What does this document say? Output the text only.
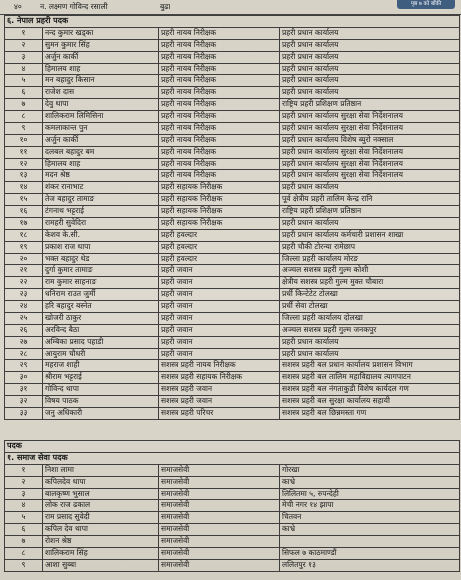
पृष्ठ ७ को बाँकी
४० न. लक्ष्मण गोविन्द रसाली	बुढा
६. नेपाल प्रहरी पदक			
१	नन्द कुमार खड्का	प्रहरी नायब निरीक्षक	प्रहरी प्रधान कार्यालय
२	सुमन कुमार सिंह	प्रहरी नायब निरीक्षक	प्रहरी प्रधान कार्यालय
३	अर्जुन कार्की	प्रहरी नायब निरीक्षक	प्रहरी प्रधान कार्यालय
४	हिमालय शाह	प्रहरी नायब निरीक्षक	प्रहरी प्रधान कार्यालय
५	मन बहादुर किसान	प्रहरी नायब निरीक्षक	प्रहरी प्रधान कार्यालय
६	राजेश दास	प्रहरी नायब निरीक्षक	प्रहरी प्रधान कार्यालय
७	देवु थापा	प्रहरी नायब निरीक्षक	राष्ट्रिय प्रहरी प्रशिक्षण प्रतिष्ठान
८	शालिकराम लिमिसिना	प्रहरी नायब निरीक्षक	प्रहरी प्रधान कार्यालय सुरक्षा सेवा निर्देशनालय
९	कमलाकान्त पुन	प्रहरी नायब निरीक्षक	प्रहरी प्रधान कार्यालय सुरक्षा सेवा निर्देशनालय
१०	अर्जुन कार्की	प्रहरी नायब निरीक्षक	प्रहरी प्रधान कार्यालय विशेष ब्युरो नक्साल
११	दलबल बहादुर बम	प्रहरी नायब निरीक्षक	प्रहरी प्रधान कार्यालय सुरक्षा सेवा निर्देशनालय
१२	हिमालय शाह	प्रहरी नायब निरीक्षक	प्रहरी प्रधान कार्यालय सुरक्षा सेवा निर्देशनालय
१३	मदन श्रेष्ठ	प्रहरी नायब निरीक्षक	प्रहरी प्रधान कार्यालय सुरक्षा सेवा निर्देशनालय
१४	शंकर रानाभाट	प्रहरी सहायक निरीक्षक	प्रहरी प्रधान कार्यालय
१५	तेज बहादुर तामाङ	प्रहरी सहायक निरीक्षक	पूर्व क्षेत्रीय प्रहरी तालिम केन्द्र रानि
१६	टंगनाथ भट्टराई	प्रहरी सहायक निरीक्षक	राष्ट्रिय प्रहरी प्रशिक्षण प्रतिष्ठान
१७	रामहरी सुवेदिरा	प्रहरी सहायक निरीक्षक	प्रहरी प्रधान कार्यालय
१८	केशव के.सी.	प्रहरी हवल्दार	प्रहरी प्रधान कार्यालय कर्मचारी प्रशासन शाखा
१९	प्रकाश राज थापा	प्रहरी हवल्दार	प्रहरी चौकी टोरन्या रामेछाप
२०	भक्त बहादुर थेड	प्रहरी हवल्दार	जिल्ला प्रहरी कार्यालय मोरङ
२१	दुर्गा कुमार तामाङ	प्रहरी जवान	अञ्चल सशस्त्र प्रहरी गुल्म कोशी
२२	राम कुमार साहनाङ	प्रहरी जवान	क्षेत्रीय सशस्त्र प्रहरी गुल्म मुक्त चौबारा
२३	धनिराम राउत जुर्मी	प्रहरी जवान	प्रर्धी किन्टेटेट टोलखा
२४	हरि बहादुर बस्नेत	प्रहरी जवान	प्रर्धी सेवा टोलखा
२५	खोजरी ठाकुर	प्रहरी जवान	जिल्ला प्रहरी कार्यालय दोलखा
२६	अरविन्द बैठा	प्रहरी जवान	अञ्चल सशस्त्र प्रहरी गुल्म जनकपुर
२७	अम्बिका प्रसाद पहाडी	प्रहरी जवान	प्रहरी प्रधान कार्यालय
२८	आयुराम चौधरी	प्रहरी जवान	प्रहरी प्रधान कार्यालय
२९	महराज शाही	सशस्त्र प्रहरी नायब निरीक्षक	सशस्त्र प्रहरी बल प्रधान कार्यालय प्रशासन विभाग
३०	श्रीराम भट्टराई	सशस्त्र प्रहरी सहायक निरीक्षक	सशस्त्र प्रहरी बल तालिम महाविद्यालय त्यागपाटन
३१	गोविन्द थापा	सशस्त्र प्रहरी जवान	सशस्त्र प्रहरी बल नंगताकुडी विशेष कार्यदल गण
३२	विषय पाठक	सशस्त्र प्रहरी जवान	सशस्त्र प्रहरी बल सुरक्षा कार्यालय सहायी
३३	जनु अधिकारी	सशस्त्र प्रहरी परिचर	सशस्त्र प्रहरी बल छिन्नमस्ता गण
पदक			
१. समाज सेवा पदक			
१	निशा लामा	समाजसेवी	गोरखा
२	कपिलदेव थापा	समाजसेवी	काभ्रे
३	बालकृष्ण भुसाल	समाजसेवी	लिलितमा ५, रुपन्देही
४	लोक राज ढकाल	समाजसेवी	मेची नगर १४ झापा
५	राम प्रसाद सुवेदी	समाजसेवी	चितवन
६	कपिल देव थापा	समाजसेवी	काभ्रे
७	रोशन श्रेष्ठ	समाजसेवी	
८	शालिकराम सिंह	समाजसेवी	सिफल ७ काठमाण्डौं
९	आशा सुब्बा	समाजसेवी	ललितपुर १३
